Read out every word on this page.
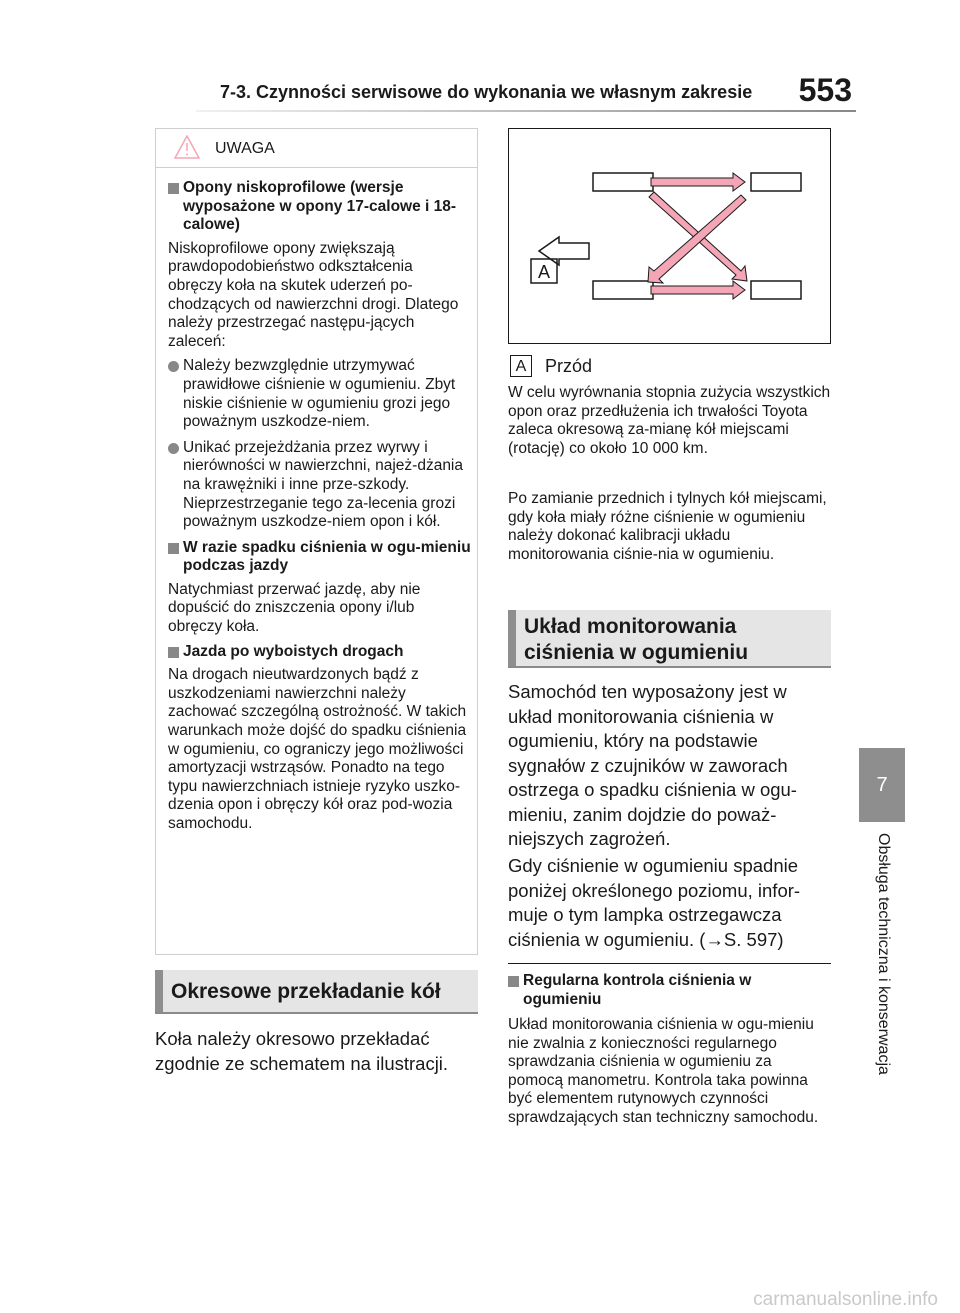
7-3. Czynności serwisowe do wykonania we własnym zakresie 553
7
Obsługa techniczna i konserwacja
UWAGA
Opony niskoprofilowe (wersje wyposażone w opony 17-calowe i 18-calowe)
Niskoprofilowe opony zwiększają prawdopodobieństwo odkształcenia obręczy koła na skutek uderzeń po-chodzących od nawierzchni drogi. Dlatego należy przestrzegać następu-jących zaleceń:
Należy bezwzględnie utrzymywać prawidłowe ciśnienie w ogumieniu. Zbyt niskie ciśnienie w ogumieniu grozi jego poważnym uszkodze-niem.
Unikać przejeżdżania przez wyrwy i nierówności w nawierzchni, najeż-dżania na krawężniki i inne prze-szkody. Nieprzestrzeganie tego za-lecenia grozi poważnym uszkodze-niem opon i kół.
W razie spadku ciśnienia w ogu-mieniu podczas jazdy
Natychmiast przerwać jazdę, aby nie dopuścić do zniszczenia opony i/lub obręczy koła.
Jazda po wyboistych drogach
Na drogach nieutwardzonych bądź z uszkodzeniami nawierzchni należy zachować szczególną ostrożność. W takich warunkach może dojść do spadku ciśnienia w ogumieniu, co ograniczy jego możliwości amortyzacji wstrząsów. Ponadto na tego typu nawierzchniach istnieje ryzyko uszko-dzenia opon i obręczy kół oraz pod-wozia samochodu.
Okresowe przekładanie kół
Koła należy okresowo przekładać zgodnie ze schematem na ilustracji.
A
A	Przód
W celu wyrównania stopnia zużycia wszystkich opon oraz przedłużenia ich trwałości Toyota zaleca okresową za-mianę kół miejscami (rotację) co około 10 000 km.
Po zamianie przednich i tylnych kół miejscami, gdy koła miały różne ciśnienie w ogumieniu należy dokonać kalibracji układu monitorowania ciśnie-nia w ogumieniu.
Układ monitorowania
ciśnienia w ogumieniu
Samochód ten wyposażony jest w układ monitorowania ciśnienia w ogumieniu, który na podstawie sygnałów z czujników w zaworach ostrzega o spadku ciśnienia w ogu-mieniu, zanim dojdzie do poważ-niejszych zagrożeń.
Gdy ciśnienie w ogumieniu spadnie poniżej określonego poziomu, infor-muje o tym lampka ostrzegawcza ciśnienia w ogumieniu. (→S. 597)
Regularna kontrola ciśnienia w ogumieniu
Układ monitorowania ciśnienia w ogu-mieniu nie zwalnia z konieczności regularnego sprawdzania ciśnienia w ogumieniu za pomocą manometru. Kontrola taka powinna być elementem rutynowych czynności sprawdzających stan techniczny samochodu.
carmanualsonline.info
